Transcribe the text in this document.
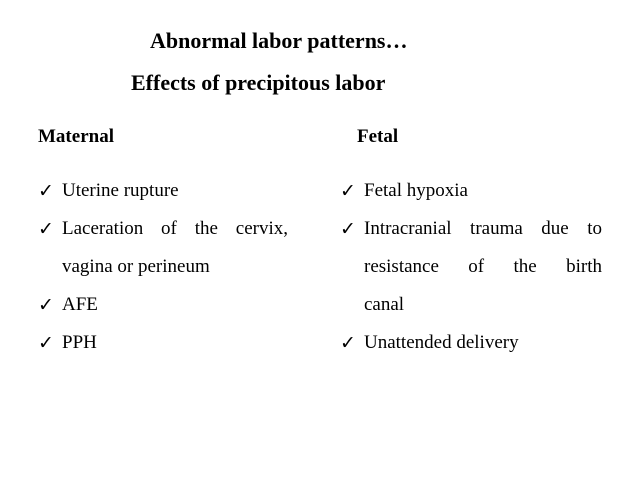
Abnormal labor patterns…
Effects of precipitous labor
Maternal	Fetal
✓ Uterine rupture
✓ Laceration of the cervix,
vagina or perineum
✓ AFE
✓ PPH
✓ Fetal hypoxia
✓ Intracranial trauma due to
resistance of the birth
canal
✓ Unattended delivery
